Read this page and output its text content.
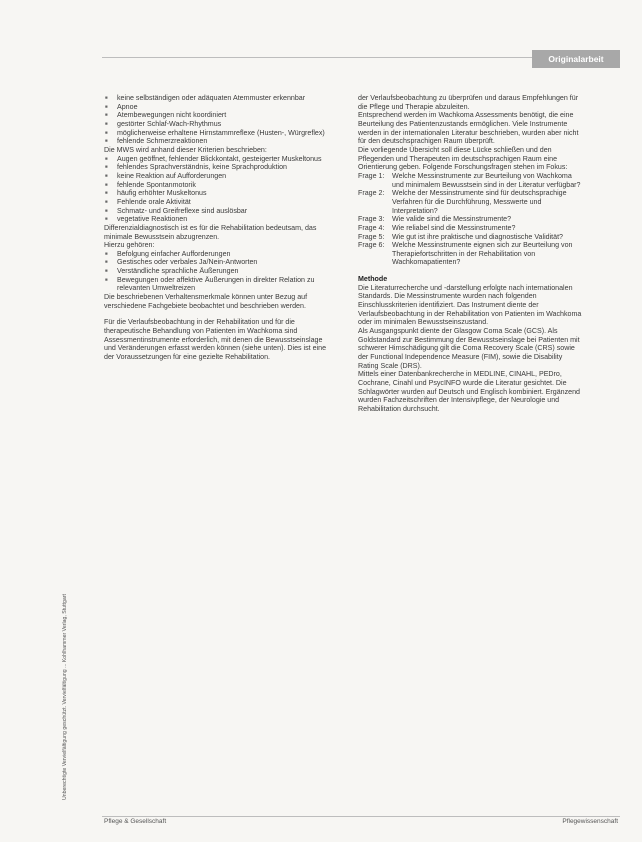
Originalarbeit
Unberechtigte Vervielfältigung geschützt. Vervielfältigung ... Kohlhammer Verlag, Stuttgart
■ keine selbständigen oder adäquaten Atemmuster erkennbar
■ Apnoe
■ Atembewegungen nicht koordiniert
■ gestörter Schlaf-Wach-Rhythmus
■ möglicherweise erhaltene Hirnstammreflexe (Husten-, Würgreflex)
■ fehlende Schmerzreaktionen

Die MWS wird anhand dieser Kriterien beschrieben:

■ Augen geöffnet, fehlender Blickkontakt, gesteigerter Muskeltonus
■ fehlendes Sprachverständnis, keine Sprachproduktion
■ keine Reaktion auf Aufforderungen
■ fehlende Spontanmotorik
■ häufig erhöhter Muskeltonus
■ Fehlende orale Aktivität
■ Schmatz- und Greifreflexe sind auslösbar
■ vegetative Reaktionen

Differenzialdiagnostisch ist es für die Rehabilitation bedeutsam, das minimale Bewusstsein abzugrenzen.

Hierzu gehören:

■ Befolgung einfacher Aufforderungen
■ Gestisches oder verbales Ja/Nein-Antworten
■ Verständliche sprachliche Äußerungen
■ Bewegungen oder affektive Äußerungen in direkter Relation zu relevanten Umweltreizen

Die beschriebenen Verhaltensmerkmale können unter Bezug auf verschiedene Fachgebiete beobachtet und beschrieben werden.

Für die Verlaufsbeobachtung in der Rehabilitation und für die therapeutische Behandlung von Patienten im Wachkoma sind Assessmentinstrumente erforderlich, mit denen die Bewusstseinslage und Veränderungen erfasst werden können (siehe unten). Dies ist eine der Voraussetzungen für eine gezielte Rehabilitation.

der Verlaufsbeobachtung zu überprüfen und daraus Empfehlungen für die Pflege und Therapie abzuleiten.

Entsprechend werden im Wachkoma Assessments benötigt, die eine Beurteilung des Patientenzustands ermöglichen. Viele Instrumente werden in der internationalen Literatur beschrieben, wurden aber nicht für den deutschsprachigen Raum überprüft.

Die vorliegende Übersicht soll diese Lücke schließen und den Pflegenden und Therapeuten im deutschsprachigen Raum eine Orientierung geben. Folgende Forschungsfragen stehen im Fokus:

Frage 1:	Welche Messinstrumente zur Beurteilung von Wachkoma und minimalem Bewusstsein sind in der Literatur verfügbar?
Frage 2:	Welche der Messinstrumente sind für deutschsprachige Verfahren für die Durchführung, Messwerte und Interpretation?
Frage 3:	Wie valide sind die Messinstrumente?
Frage 4:	Wie reliabel sind die Messinstrumente?
Frage 5:	Wie gut ist ihre praktische und diagnostische Validität?
Frage 6:	Welche Messinstrumente eignen sich zur Beurteilung von Therapiefortschritten in der Rehabilitation von Wachkomapatienten?

Methode

Die Literaturrecherche und -darstellung erfolgte nach internationalen Standards. Die Messinstrumente wurden nach folgenden Einschlusskriterien identifiziert. Das Instrument diente der Verlaufsbeobachtung in der Rehabilitation von Patienten im Wachkoma oder im minimalen Bewusstseinszustand.

Als Ausgangspunkt diente der Glasgow Coma Scale (GCS). Als Goldstandard zur Bestimmung der Bewusstseinslage bei Patienten mit schwerer Hirnschädigung gilt die Coma Recovery Scale (CRS) sowie der Functional Independence Measure (FIM), sowie die Disability Rating Scale (DRS).

Mittels einer Datenbankrecherche in MEDLINE, CINAHL, PEDro, Cochrane, Cinahl und PsycINFO wurde die Literatur gesichtet. Die Schlagwörter wurden auf Deutsch und Englisch kombiniert. Ergänzend wurden Fachzeitschriften der Intensivpflege, der Neurologie und Rehabilitation durchsucht.

Pflege & Gesellschaft	Pflegewissenschaft
